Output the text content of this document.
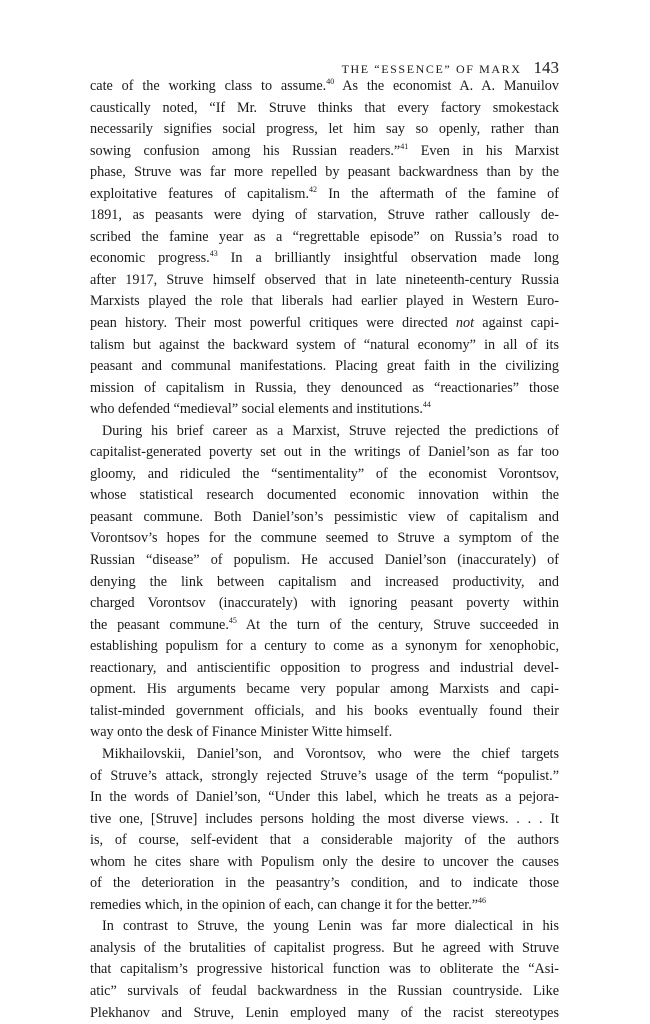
THE “ESSENCE” OF MARX 143
cate of the working class to assume.$^{40}$ As the economist A. A. Manuilov
caustically noted, “If Mr. Struve thinks that every factory smokestack
necessarily signifies social progress, let him say so openly, rather than
sowing confusion among his Russian readers.”$^{41}$ Even in his Marxist
phase, Struve was far more repelled by peasant backwardness than by the
exploitative features of capitalism.$^{42}$ In the aftermath of the famine of
1891, as peasants were dying of starvation, Struve rather callously de-
scribed the famine year as a “regrettable episode” on Russia’s road to
economic progress.$^{43}$ In a brilliantly insightful observation made long
after 1917, Struve himself observed that in late nineteenth-century Russia
Marxists played the role that liberals had earlier played in Western Euro-
pean history. Their most powerful critiques were directed not against capi-
talism but against the backward system of “natural economy” in all of its
peasant and communal manifestations. Placing great faith in the civilizing
mission of capitalism in Russia, they denounced as “reactionaries” those
who defended “medieval” social elements and institutions.$^{44}$
During his brief career as a Marxist, Struve rejected the predictions of
capitalist-generated poverty set out in the writings of Daniel’son as far too
gloomy, and ridiculed the “sentimentality” of the economist Vorontsov,
whose statistical research documented economic innovation within the
peasant commune. Both Daniel’son’s pessimistic view of capitalism and
Vorontsov’s hopes for the commune seemed to Struve a symptom of the
Russian “disease” of populism. He accused Daniel’son (inaccurately) of
denying the link between capitalism and increased productivity, and
charged Vorontsov (inaccurately) with ignoring peasant poverty within
the peasant commune.$^{45}$ At the turn of the century, Struve succeeded in
establishing populism for a century to come as a synonym for xenophobic,
reactionary, and antiscientific opposition to progress and industrial devel-
opment. His arguments became very popular among Marxists and capi-
talist-minded government officials, and his books eventually found their
way onto the desk of Finance Minister Witte himself.
Mikhailovskii, Daniel’son, and Vorontsov, who were the chief targets
of Struve’s attack, strongly rejected Struve’s usage of the term “populist.”
In the words of Daniel’son, “Under this label, which he treats as a pejora-
tive one, [Struve] includes persons holding the most diverse views. . . . It
is, of course, self-evident that a considerable majority of the authors
whom he cites share with Populism only the desire to uncover the causes
of the deterioration in the peasantry’s condition, and to indicate those
remedies which, in the opinion of each, can change it for the better.”$^{46}$
In contrast to Struve, the young Lenin was far more dialectical in his
analysis of the brutalities of capitalist progress. But he agreed with Struve
that capitalism’s progressive historical function was to obliterate the “Asi-
atic” survivals of feudal backwardness in the Russian countryside. Like
Plekhanov and Struve, Lenin employed many of the racist stereotypes
